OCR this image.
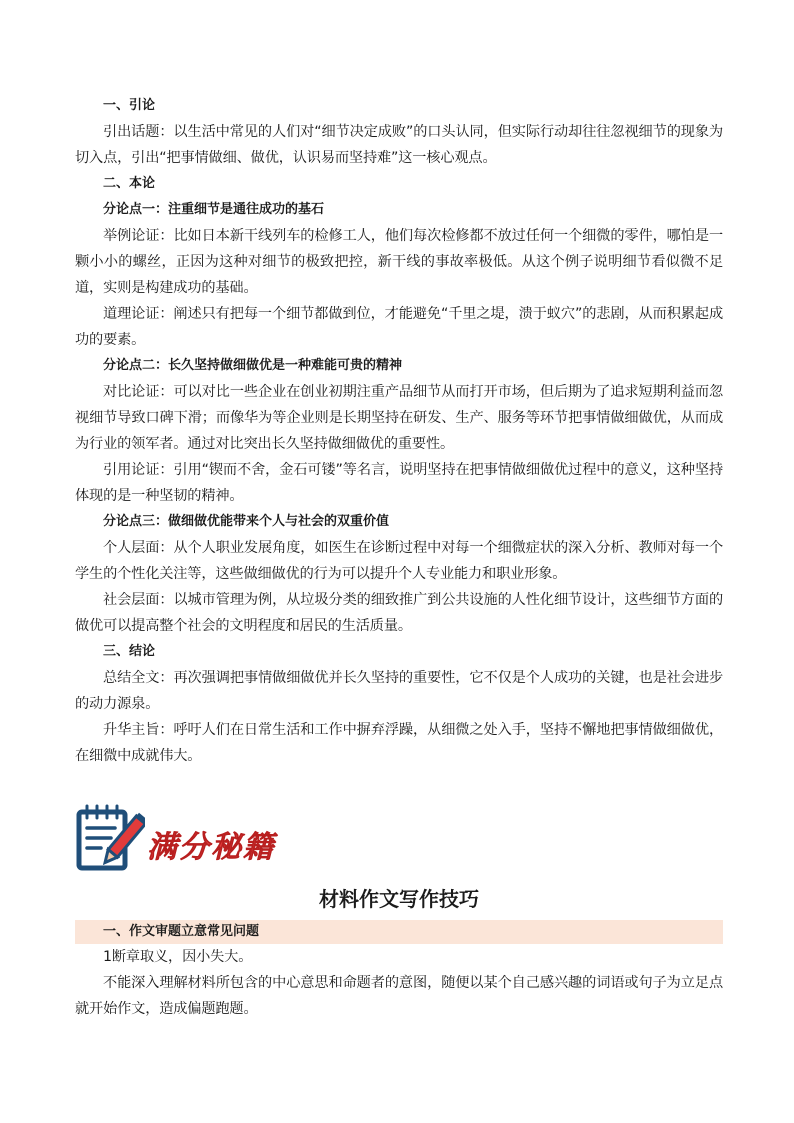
一、引论

引出话题：以生活中常见的人们对“细节决定成败”的口头认同，但实际行动却往往忽视细节的现象为切入点，引出“把事情做细、做优，认识易而坚持难”这一核心观点。

二、本论

分论点一：注重细节是通往成功的基石

举例论证：比如日本新干线列车的检修工人，他们每次检修都不放过任何一个细微的零件，哪怕是一颗小小的螺丝，正因为这种对细节的极致把控，新干线的事故率极低。从这个例子说明细节看似微不足道，实则是构建成功的基础。

道理论证：阐述只有把每一个细节都做到位，才能避免“千里之堤，溃于蚁穴”的悲剧，从而积累起成功的要素。

分论点二：长久坚持做细做优是一种难能可贵的精神

对比论证：可以对比一些企业在创业初期注重产品细节从而打开市场，但后期为了追求短期利益而忽视细节导致口碑下滑；而像华为等企业则是长期坚持在研发、生产、服务等环节把事情做细做优，从而成为行业的领军者。通过对比突出长久坚持做细做优的重要性。

引用论证：引用“锲而不舍，金石可镂”等名言，说明坚持在把事情做细做优过程中的意义，这种坚持体现的是一种坚韧的精神。

分论点三：做细做优能带来个人与社会的双重价值

个人层面：从个人职业发展角度，如医生在诊断过程中对每一个细微症状的深入分析、教师对每一个学生的个性化关注等，这些做细做优的行为可以提升个人专业能力和职业形象。

社会层面：以城市管理为例，从垃圾分类的细致推广到公共设施的人性化细节设计，这些细节方面的做优可以提高整个社会的文明程度和居民的生活质量。

三、结论

总结全文：再次强调把事情做细做优并长久坚持的重要性，它不仅是个人成功的关键，也是社会进步的动力源泉。

升华主旨：呼吁人们在日常生活和工作中摒弃浮躁，从细微之处入手，坚持不懈地把事情做细做优，在细微中成就伟大。

满分秘籍

材料作文写作技巧

一、作文审题立意常见问题

1断章取义，因小失大。

不能深入理解材料所包含的中心意思和命题者的意图，随便以某个自己感兴趣的词语或句子为立足点就开始作文，造成偏题跑题。
